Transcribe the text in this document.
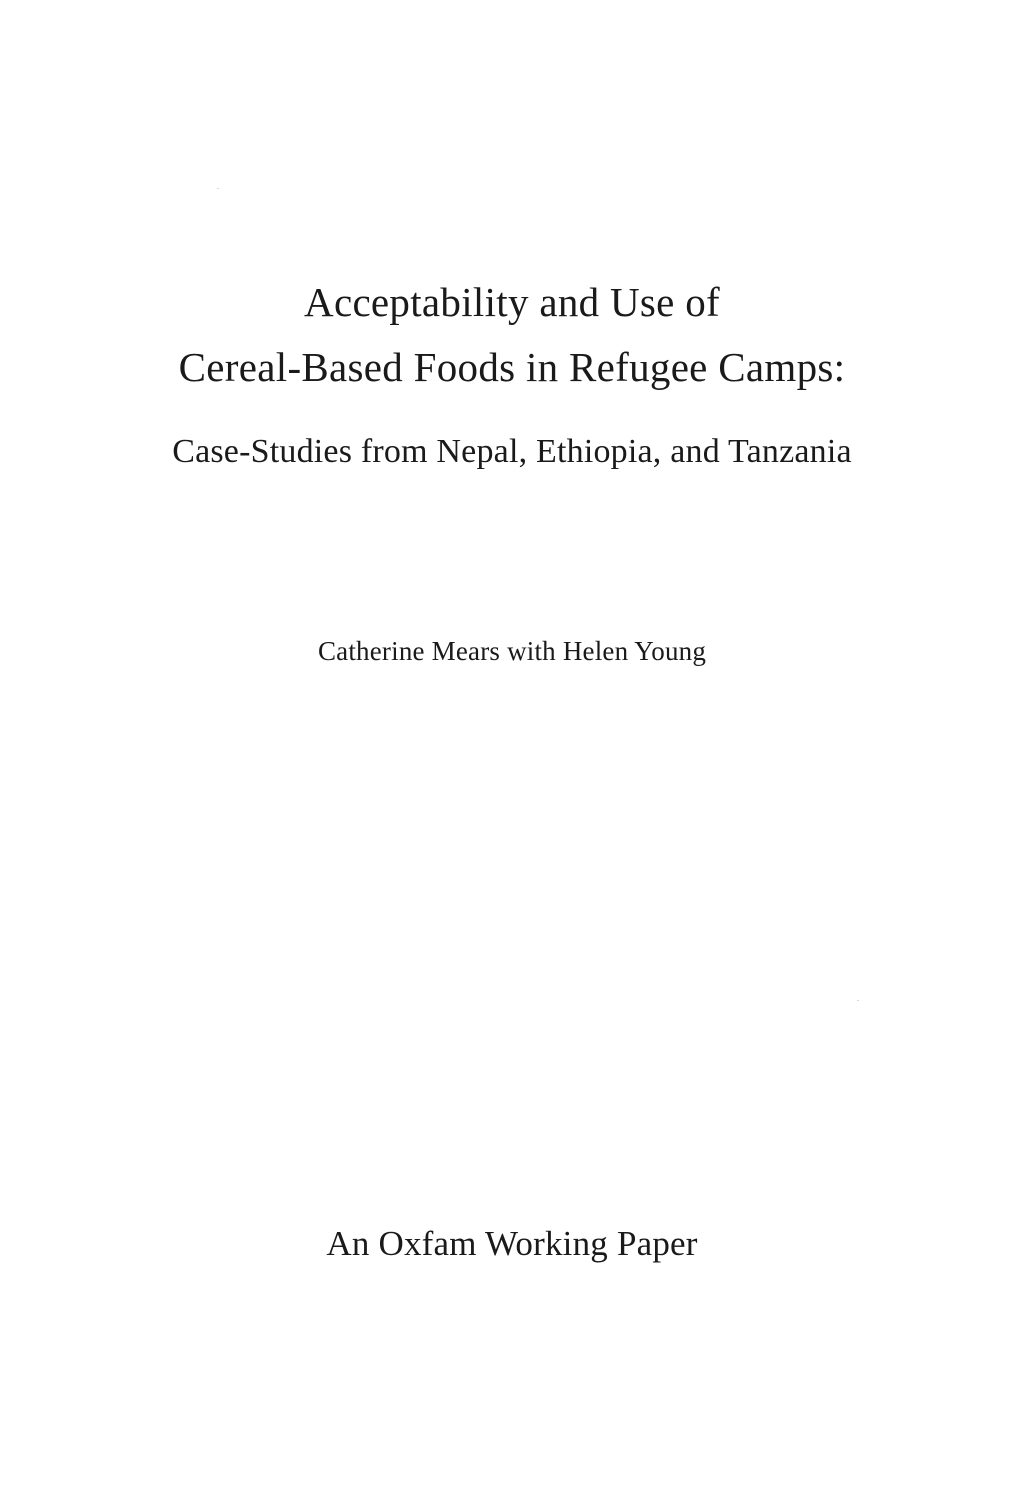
Acceptability and Use of
Cereal-Based Foods in Refugee Camps:
Case-Studies from Nepal, Ethiopia, and Tanzania
Catherine Mears with Helen Young
An Oxfam Working Paper
